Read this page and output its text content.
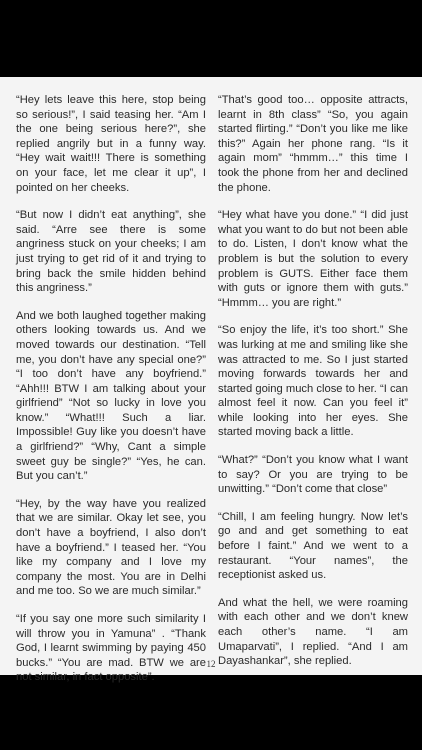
“Hey lets leave this here, stop being so serious!”, I said teasing her. “Am I the one being serious here?”, she replied angrily but in a funny way. “Hey wait wait!!! There is something on your face, let me clear it up”, I pointed on her cheeks.

“But now I didn’t eat anything”, she said. “Arre see there is some angriness stuck on your cheeks; I am just trying to get rid of it and trying to bring back the smile hidden behind this angriness.”

And we both laughed together making others looking towards us. And we moved towards our destination. “Tell me, you don’t have any special one?” “I too don’t have any boyfriend.” “Ahh!!! BTW I am talking about your girlfriend” “Not so lucky in love you know.” “What!!! Such a liar. Impossible! Guy like you doesn’t have a girlfriend?” “Why, Cant a simple sweet guy be single?” “Yes, he can. But you can’t.”

“Hey, by the way have you realized that we are similar. Okay let see, you don’t have a boyfriend, I also don’t have a boyfriend.” I teased her. “You like my company and I love my company the most. You are in Delhi and me too. So we are much similar.”

“If you say one more such similarity I will throw you in Yamuna” . “Thank God, I learnt swimming by paying 450 bucks.” “You are mad. BTW we are not similar, in fact opposite”.

“That’s good too… opposite attracts, learnt in 8th class” “So, you again started flirting.” “Don’t you like me like this?” Again her phone rang. “Is it again mom” “hmmm…” this time I took the phone from her and declined the phone.

“Hey what have you done.” “I did just what you want to do but not been able to do. Listen, I don’t know what the problem is but the solution to every problem is GUTS. Either face them with guts or ignore them with guts.” “Hmmm… you are right.”

“So enjoy the life, it’s too short.” She was lurking at me and smiling like she was attracted to me. So I just started moving forwards towards her and started going much close to her. “I can almost feel it now. Can you feel it” while looking into her eyes. She started moving back a little.

“What?” “Don’t you know what I want to say? Or you are trying to be unwitting.” “Don’t come that close”

“Chill, I am feeling hungry. Now let’s go and and get something to eat before I faint.” And we went to a restaurant. “Your names”, the receptionist asked us.

And what the hell, we were roaming with each other and we don’t knew each other’s name. “I am Umaparvati”, I replied. “And I am Dayashankar”, she replied.

12
